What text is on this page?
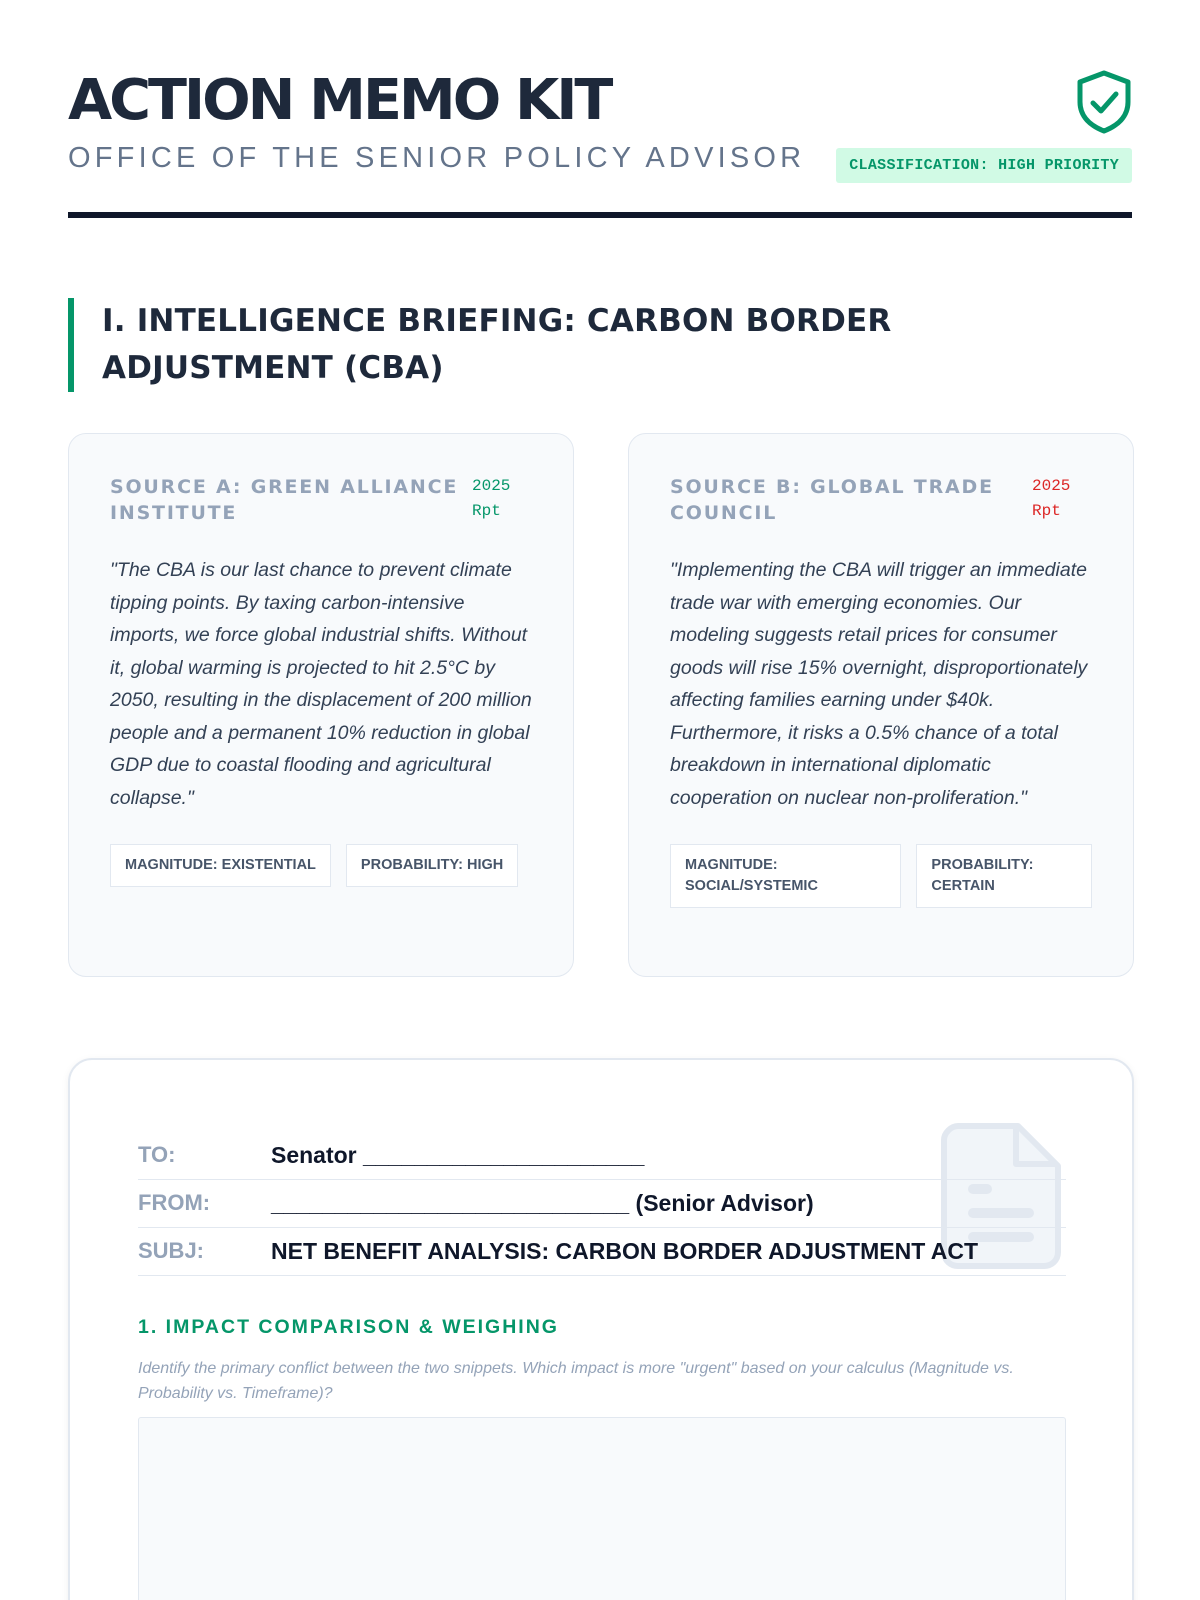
ACTION MEMO KIT
OFFICE OF THE SENIOR POLICY ADVISOR	CLASSIFICATION: HIGH PRIORITY
I. INTELLIGENCE BRIEFING: CARBON BORDER ADJUSTMENT (CBA)
SOURCE A: GREEN ALLIANCE INSTITUTE
2025 Rpt
"The CBA is our last chance to prevent climate tipping points. By taxing carbon-intensive imports, we force global industrial shifts. Without it, global warming is projected to hit 2.5°C by 2050, resulting in the displacement of 200 million people and a permanent 10% reduction in global GDP due to coastal flooding and agricultural collapse."
MAGNITUDE: EXISTENTIAL	PROBABILITY: HIGH
SOURCE B: GLOBAL TRADE COUNCIL
2025 Rpt
"Implementing the CBA will trigger an immediate trade war with emerging economies. Our modeling suggests retail prices for consumer goods will rise 15% overnight, disproportionately affecting families earning under $40k. Furthermore, it risks a 0.5% chance of a total breakdown in international diplomatic cooperation on nuclear non-proliferation."
MAGNITUDE: SOCIAL/SYSTEMIC
PROBABILITY: CERTAIN
TO:	Senator ______________________
FROM:	____________________________ (Senior Advisor)
SUBJ:	NET BENEFIT ANALYSIS: CARBON BORDER ADJUSTMENT ACT
1. IMPACT COMPARISON & WEIGHING
Identify the primary conflict between the two snippets. Which impact is more "urgent" based on your calculus (Magnitude vs. Probability vs. Timeframe)?
